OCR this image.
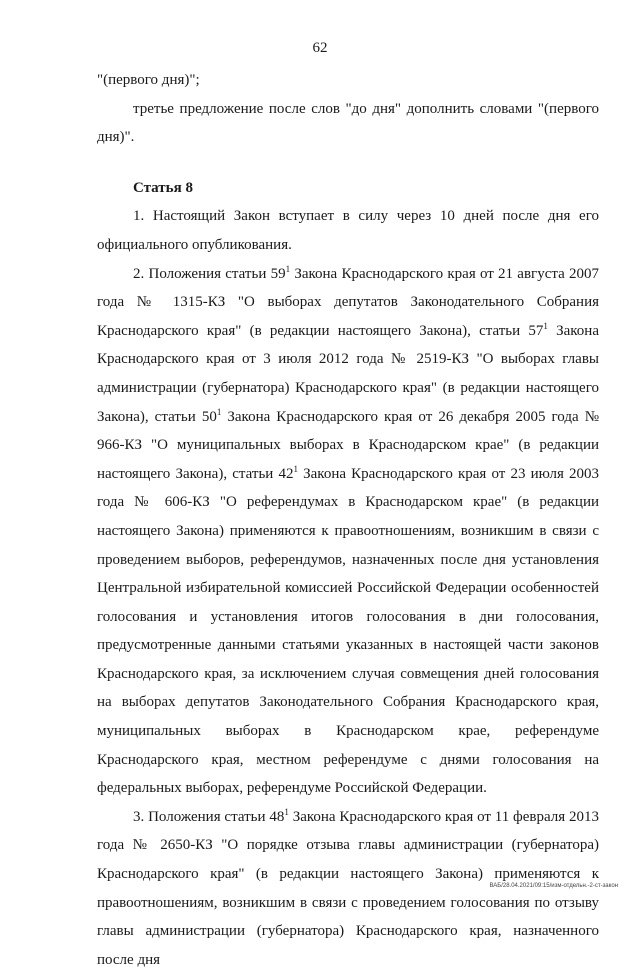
62

"(первого дня)";

третье предложение после слов "до дня" дополнить словами "(первого дня)".

Статья 8

1. Настоящий Закон вступает в силу через 10 дней после дня его официального опубликования.

2. Положения статьи $59^1$ Закона Краснодарского края от 21 августа 2007 года № 1315-КЗ "О выборах депутатов Законодательного Собрания Краснодарского края" (в редакции настоящего Закона), статьи $57^1$ Закона Краснодарского края от 3 июля 2012 года № 2519-КЗ "О выборах главы администрации (губернатора) Краснодарского края" (в редакции настоящего Закона), статьи $50^1$ Закона Краснодарского края от 26 декабря 2005 года № 966-КЗ "О муниципальных выборах в Краснодарском крае" (в редакции настоящего Закона), статьи $42^1$ Закона Краснодарского края от 23 июля 2003 года № 606-КЗ "О референдумах в Краснодарском крае" (в редакции настоящего Закона) применяются к правоотношениям, возникшим в связи с проведением выборов, референдумов, назначенных после дня установления Центральной избирательной комиссией Российской Федерации особенностей голосования и установления итогов голосования в дни голосования, предусмотренные данными статьями указанных в настоящей части законов Краснодарского края, за исключением случая совмещения дней голосования на выборах депутатов Законодательного Собрания Краснодарского края, муниципальных выборах в Краснодарском крае, референдуме Краснодарского края, местном референдуме с днями голосования на федеральных выборах, референдуме Российской Федерации.

3. Положения статьи $48^1$ Закона Краснодарского края от 11 февраля 2013 года № 2650-КЗ "О порядке отзыва главы администрации (губернатора) Краснодарского края" (в редакции настоящего Закона) применяются к правоотношениям, возникшим в связи с проведением голосования по отзыву главы администрации (губернатора) Краснодарского края, назначенного после дня

ВАБ/28.04.2021/09:15/изм-отдельн.-2-ст-закон
